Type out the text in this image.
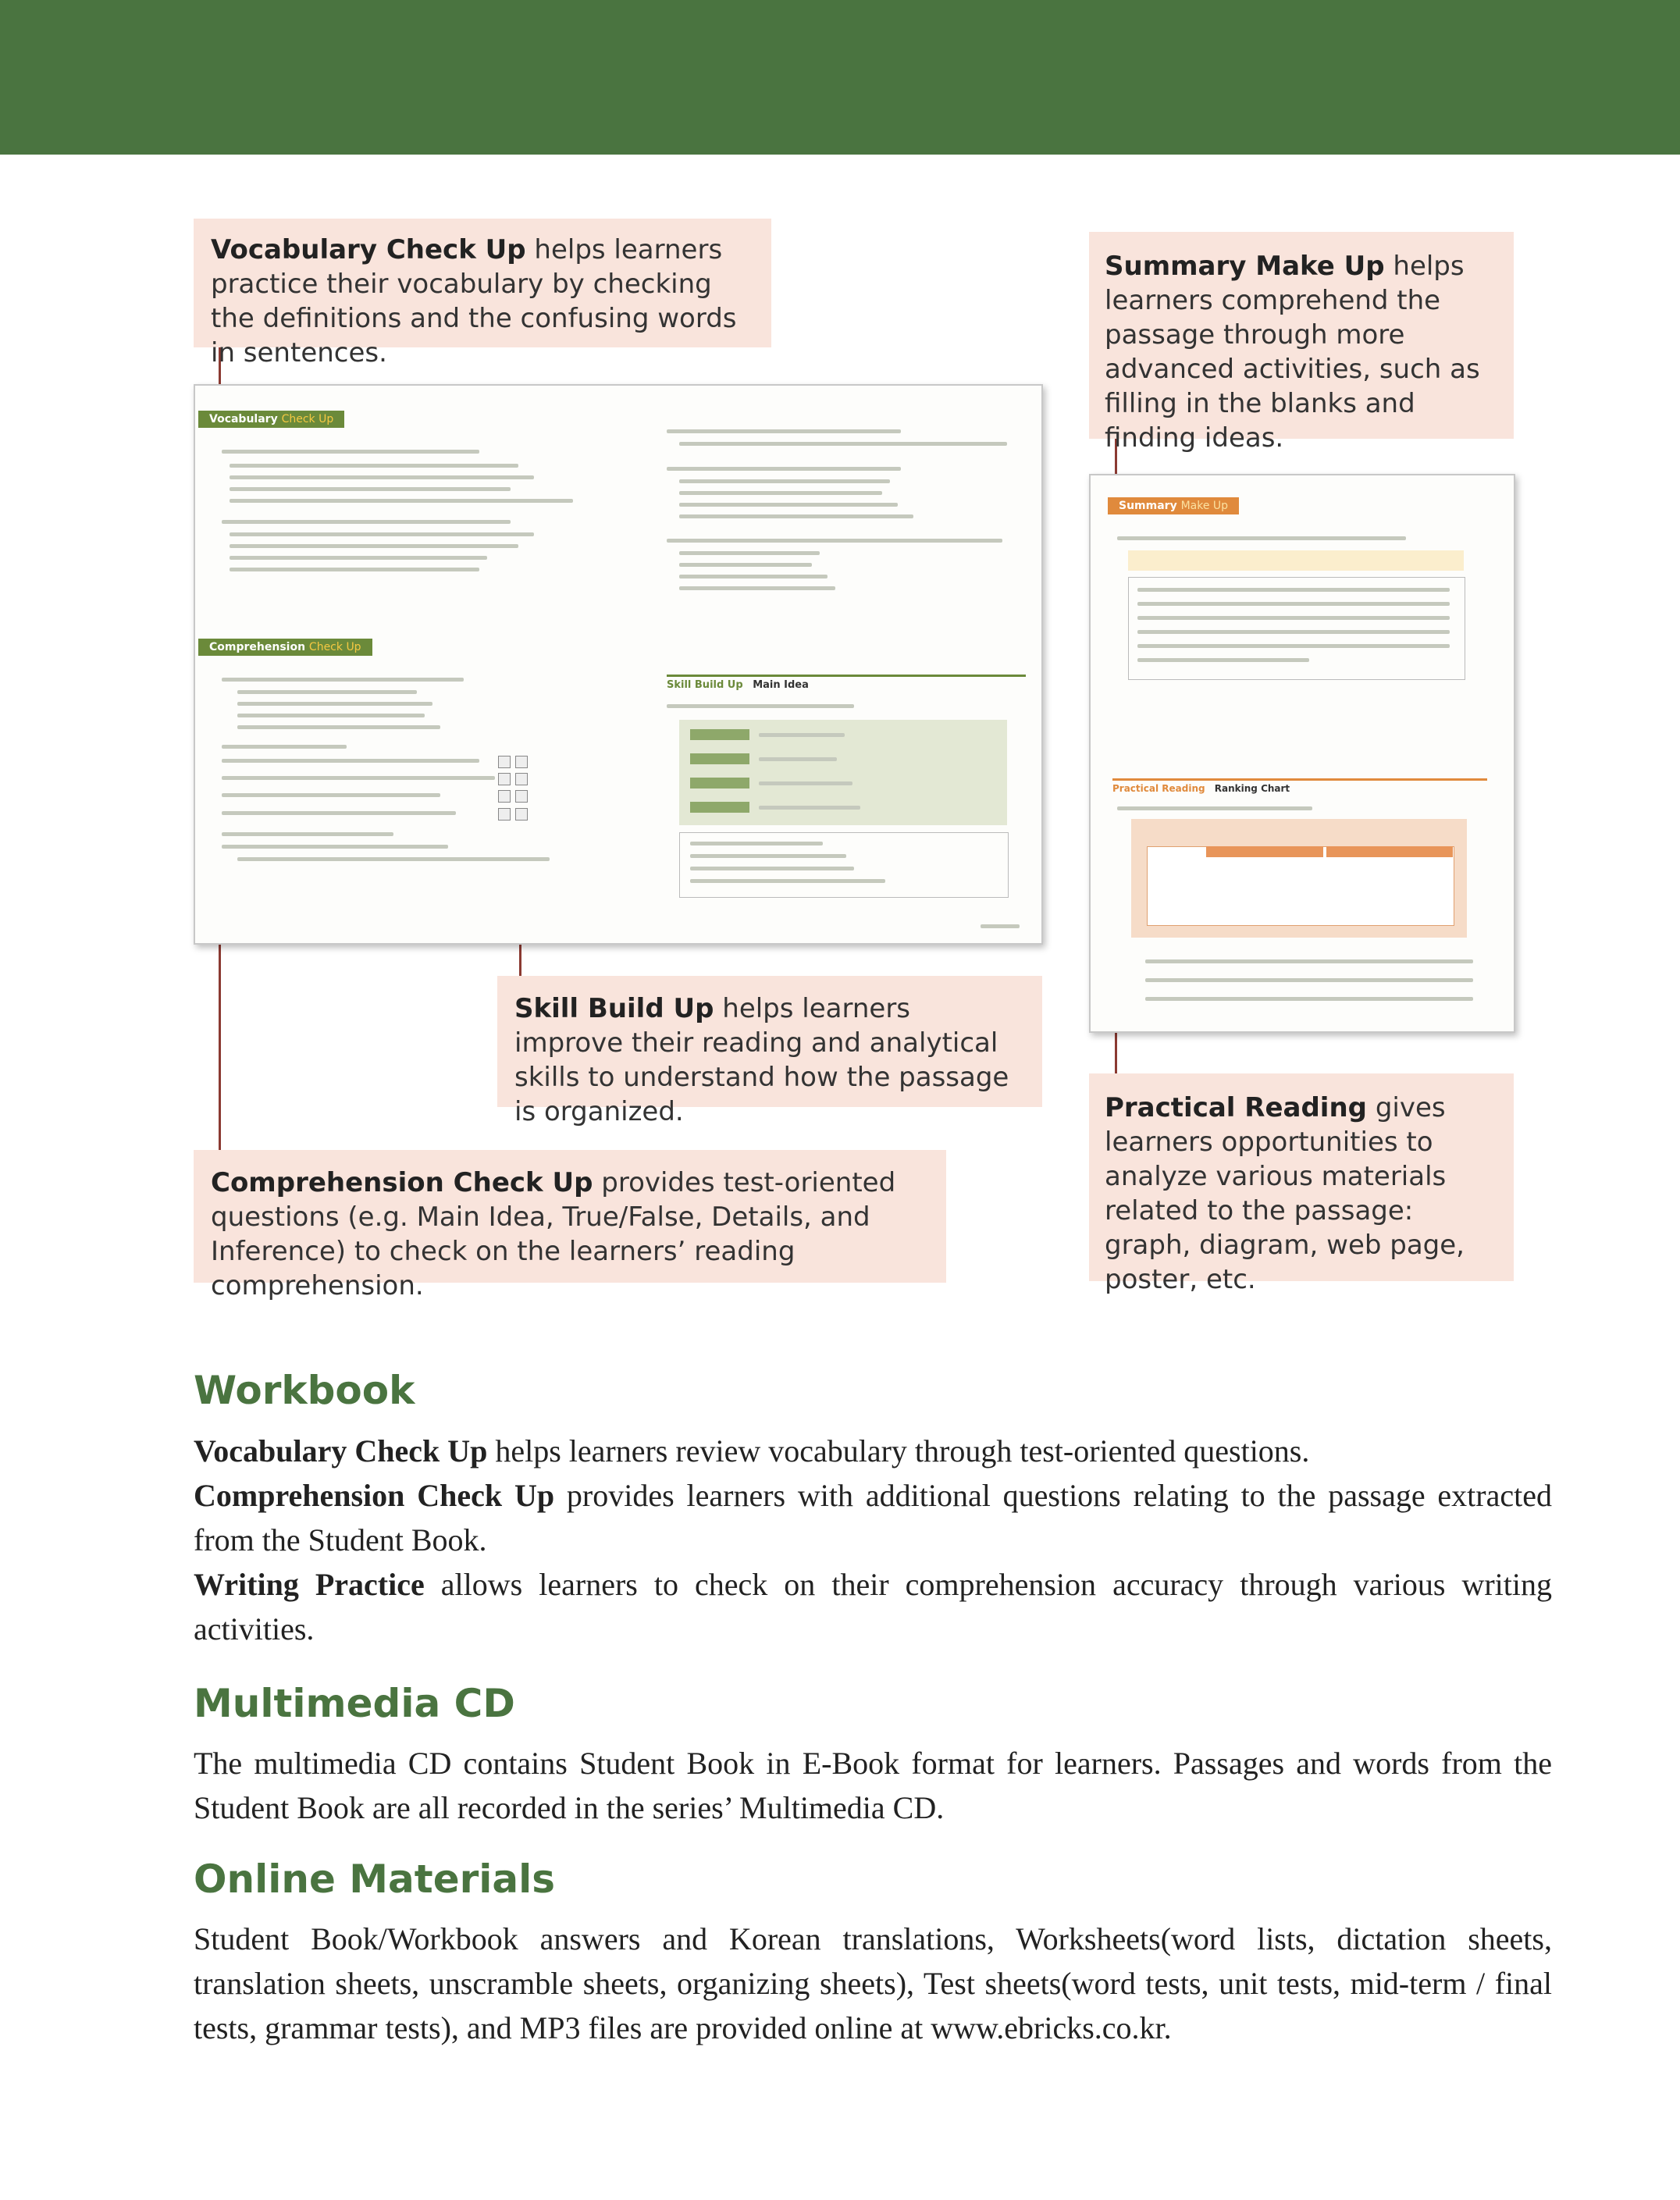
Vocabulary Check Up helps learners practice their vocabulary by checking the definitions and the confusing words in sentences.
Summary Make Up helps learners comprehend the passage through more advanced activities, such as filling in the blanks and finding ideas.
Skill Build Up helps learners improve their reading and analytical skills to understand how the passage is organized.
Comprehension Check Up provides test-oriented questions (e.g. Main Idea, True/False, Details, and Inference) to check on the learners’ reading comprehension.
Practical Reading gives learners opportunities to analyze various materials related to the passage: graph, diagram, web page, poster, etc.
Vocabulary Check Up
Comprehension Check Up
Skill Build Up Main Idea
Summary Make Up
Practical Reading Ranking Chart
Workbook

Vocabulary Check Up helps learners review vocabulary through test-oriented questions.

Comprehension Check Up provides learners with additional questions relating to the passage extracted from the Student Book.

Writing Practice allows learners to check on their comprehension accuracy through various writing activities.

Multimedia CD
The multimedia CD contains Student Book in E-Book format for learners. Passages and words from the Student Book are all recorded in the series’ Multimedia CD.
Online Materials
Student Book/Workbook answers and Korean translations, Worksheets(word lists, dictation sheets, translation sheets, unscramble sheets, organizing sheets), Test sheets(word tests, unit tests, mid-term / final tests, grammar tests), and MP3 files are provided online at www.ebricks.co.kr.
